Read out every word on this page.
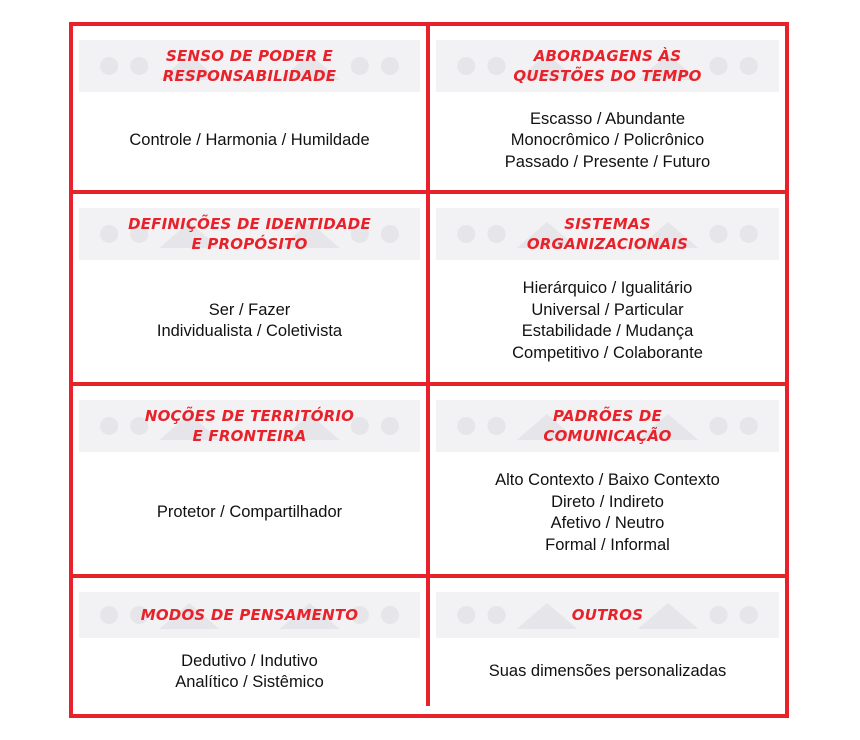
SENSO DE PODER E
RESPONSABILIDADE
Controle / Harmonia / Humildade
ABORDAGENS ÀS
QUESTÕES DO TEMPO
Escasso / Abundante
Monocrômico / Policrônico
Passado / Presente / Futuro
DEFINIÇÕES DE IDENTIDADE
E PROPÓSITO
Ser / Fazer
Individualista / Coletivista
SISTEMAS
ORGANIZACIONAIS
Hierárquico / Igualitário
Universal / Particular
Estabilidade / Mudança
Competitivo / Colaborante
NOÇÕES DE TERRITÓRIO
E FRONTEIRA
Protetor / Compartilhador
PADRÕES DE
COMUNICAÇÃO
Alto Contexto / Baixo Contexto
Direto / Indireto
Afetivo / Neutro
Formal / Informal
MODOS DE PENSAMENTO
Dedutivo / Indutivo
Analítico / Sistêmico
OUTROS
Suas dimensões personalizadas
